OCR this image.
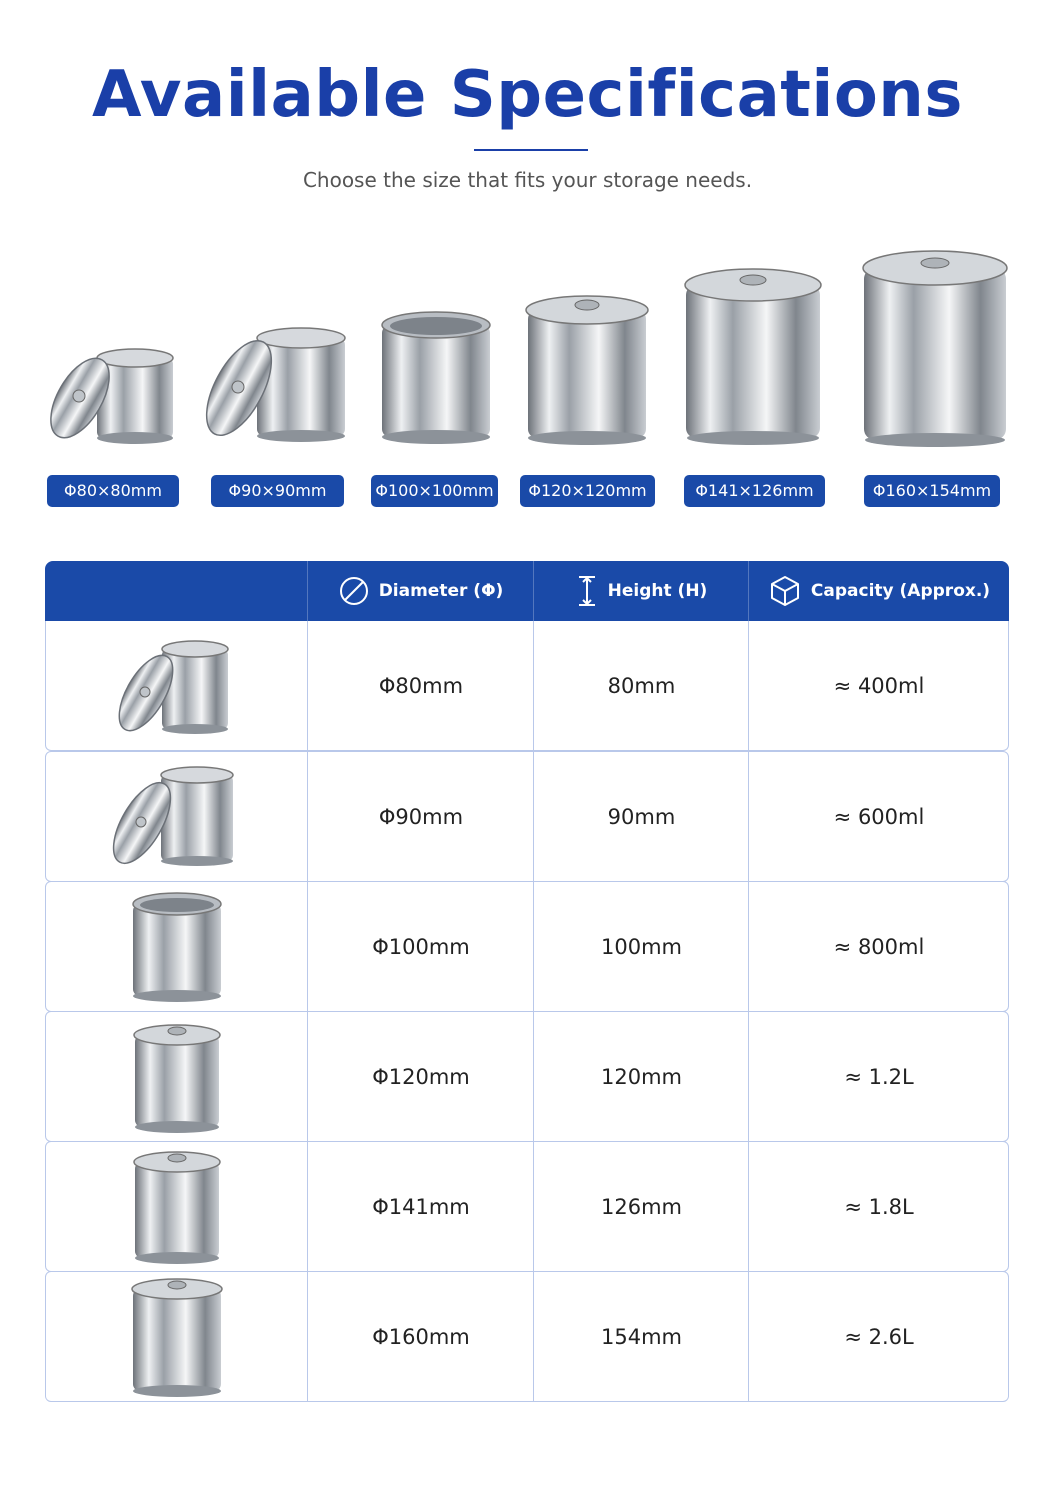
Available Specifications
Choose the size that fits your storage needs.
Φ80×80mm	Φ90×90mm	Φ100×100mm	Φ120×120mm	Φ141×126mm	Φ160×154mm
Diameter (Φ)	Height (H)	Capacity (Approx.)
Φ80mm	80mm	≈ 400ml
Φ90mm	90mm	≈ 600ml
Φ100mm	100mm	≈ 800ml
Φ120mm	120mm	≈ 1.2L
Φ141mm	126mm	≈ 1.8L
Φ160mm	154mm	≈ 2.6L
